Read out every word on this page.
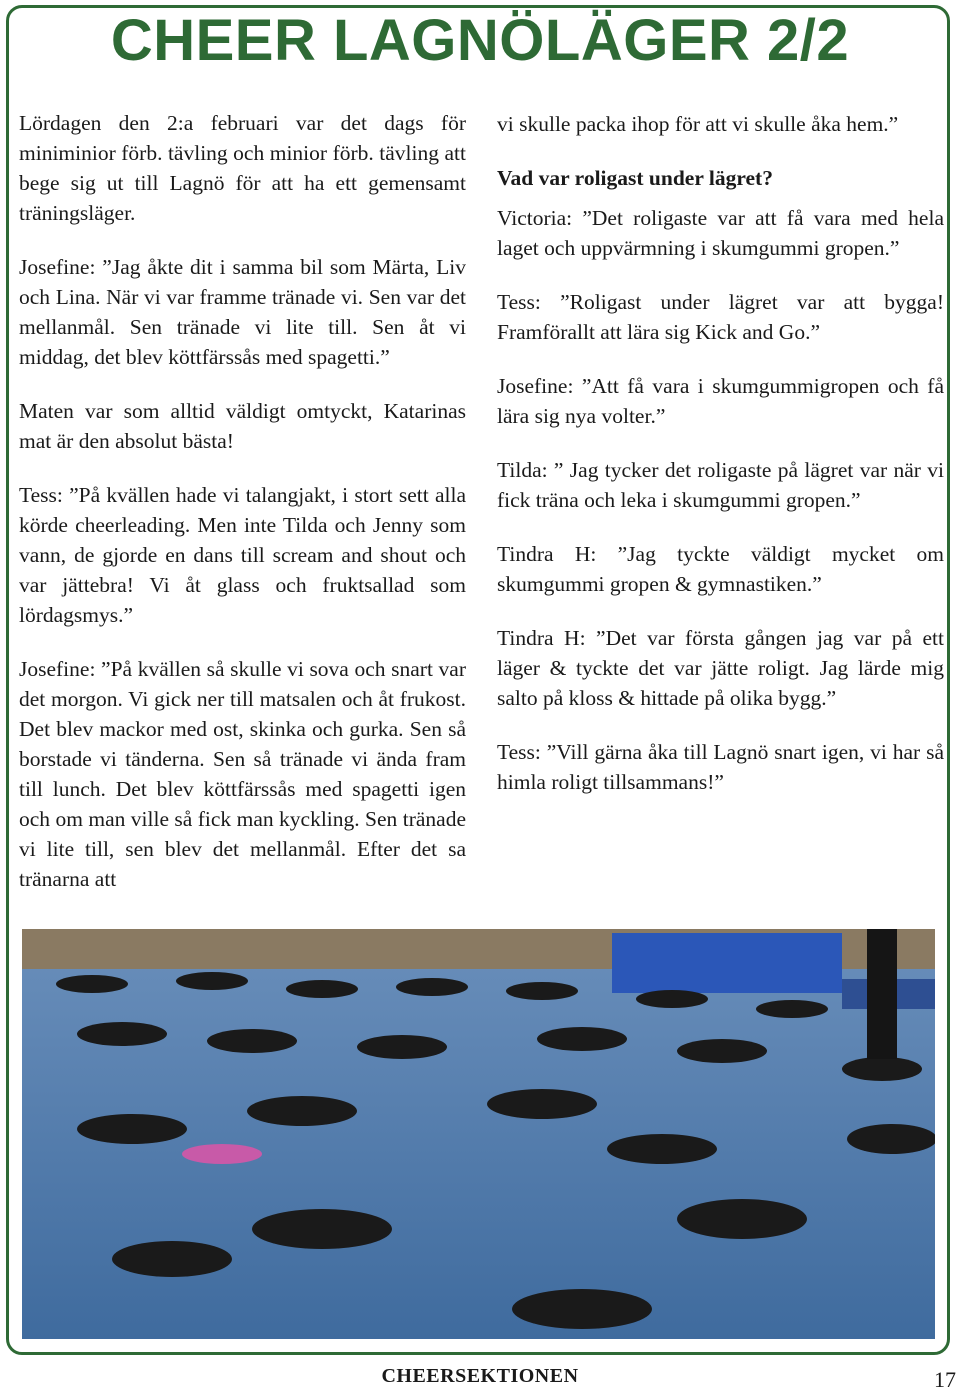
CHEER LAGNÖLÄGER 2/2

Lördagen den 2:a februari var det dags för miniminior förb. tävling och minior förb. tävling att bege sig ut till Lagnö för att ha ett gemensamt träningsläger.

Josefine: ”Jag åkte dit i samma bil som Märta, Liv och Lina. När vi var framme tränade vi. Sen var det mellanmål. Sen tränade vi lite till. Sen åt vi middag, det blev köttfärssås med spagetti.”

Maten var som alltid väldigt omtyckt, Katarinas mat är den absolut bästa!

Tess: ”På kvällen hade vi talangjakt, i stort sett alla körde cheerleading. Men inte Tilda och Jenny som vann, de gjorde en dans till scream and shout och var jättebra! Vi åt glass och fruktsallad som lördagsmys.”

Josefine: ”På kvällen så skulle vi sova och snart var det morgon. Vi gick ner till matsalen och åt frukost. Det blev mackor med ost, skinka och gurka. Sen så borstade vi tänderna. Sen så tränade vi ända fram till lunch. Det blev köttfärssås med spagetti igen och om man ville så fick man kyckling. Sen tränade vi lite till, sen blev det mellanmål. Efter det sa tränarna att

vi skulle packa ihop för att vi skulle åka hem.”

Vad var roligast under lägret?

Victoria: ”Det roligaste var att få vara med hela laget och uppvärmning i skumgummi gropen.”

Tess: ”Roligast under lägret var att bygga! Framförallt att lära sig Kick and Go.”

Josefine: ”Att få vara i skumgummigropen och få lära sig nya volter.”

Tilda: ” Jag tycker det roligaste på lägret var när vi fick träna och leka i skumgummi gropen.”

Tindra H: ”Jag tyckte väldigt mycket om skumgummi gropen & gymnastiken.”

Tindra H: ”Det var första gången jag var på ett läger & tyckte det var jätte roligt. Jag lärde mig salto på kloss & hittade på olika bygg.”

Tess: ”Vill gärna åka till Lagnö snart igen, vi har så himla roligt tillsammans!”

CHEERSEKTIONEN	17
